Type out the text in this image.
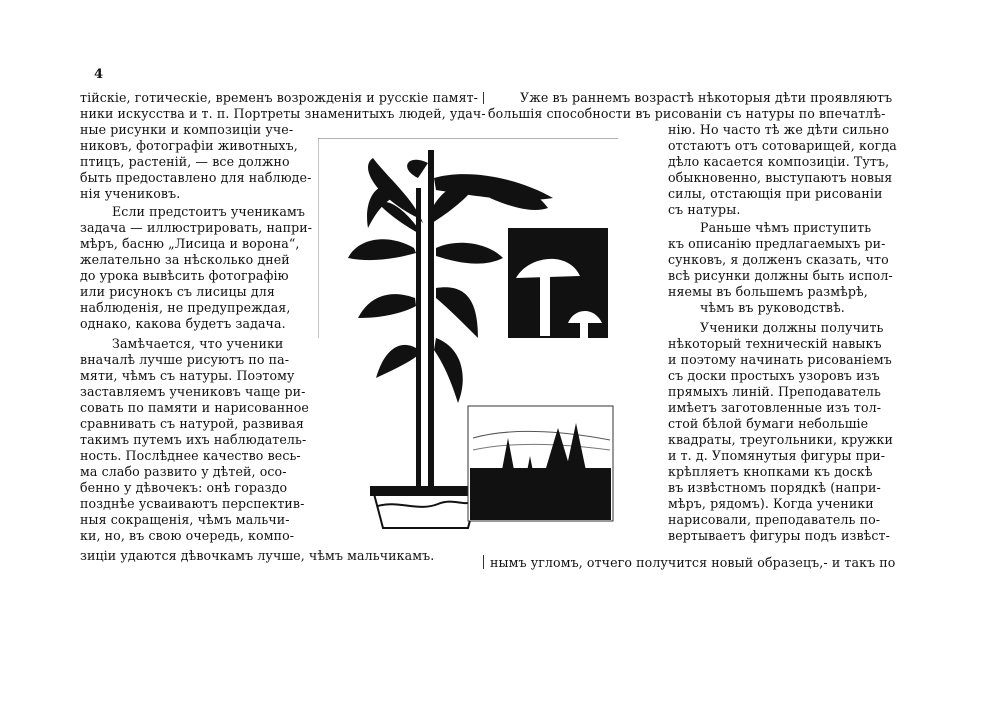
4
тійскіе, готическіе, временъ возрожденія и русскіе памят-
ники искусства и т. п. Портреты знаменитыхъ людей, удач-
ные рисунки и композиціи уче-
никовъ, фотографіи животныхъ,
птицъ, растеній, — все должно
быть предоставлено для наблюде-
нія учениковъ.
Если предстоитъ ученикамъ
задача — иллюстрировать, напри-
мѣръ, басню „Лисица и ворона“,
желательно за нѣсколько дней
до урока вывѣсить фотографію
или рисунокъ съ лисицы для
наблюденія, не предупреждая,
однако, какова будетъ задача.
Замѣчается, что ученики
вначалѣ лучше рисуютъ по па-
мяти, чѣмъ съ натуры. Поэтому
заставляемъ учениковъ чаще ри-
совать по памяти и нарисованное
сравнивать съ натурой, развивая
такимъ путемъ ихъ наблюдатель-
ность. Послѣднее качество весь-
ма слабо развито у дѣтей, осо-
бенно у дѣвочекъ: онѣ гораздо
позднѣе усваиваютъ перспектив-
ныя сокращенія, чѣмъ мальчи-
ки, но, въ свою очередь, компо-
зиціи удаются дѣвочкамъ лучше, чѣмъ мальчикамъ.
Уже въ раннемъ возрастѣ нѣкоторыя дѣти проявляютъ
большія способности въ рисованіи съ натуры по впечатлѣ-
нію. Но часто тѣ же дѣти сильно
отстаютъ отъ сотоварищей, когда
дѣло касается композиціи. Тутъ,
обыкновенно, выступаютъ новыя
силы, отстающія при рисованіи
съ натуры.
Раньше чѣмъ приступить
къ описанію предлагаемыхъ ри-
сунковъ, я долженъ сказать, что
всѣ рисунки должны быть испол-
няемы въ большемъ размѣрѣ,
чѣмъ въ руководствѣ.
Ученики должны получить
нѣкоторый техническій навыкъ
и поэтому начинать рисованіемъ
съ доски простыхъ узоровъ изъ
прямыхъ линій. Преподаватель
имѣетъ заготовленные изъ тол-
стой бѣлой бумаги небольшіе
квадраты, треугольники, кружки
и т. д. Упомянутыя фигуры при-
крѣпляетъ кнопками къ доскѣ
въ извѣстномъ порядкѣ (напри-
мѣръ, рядомъ). Когда ученики
нарисовали, преподаватель по-
вертываетъ фигуры подъ извѣст-
нымъ угломъ, отчего получится новый образецъ,- и такъ по
